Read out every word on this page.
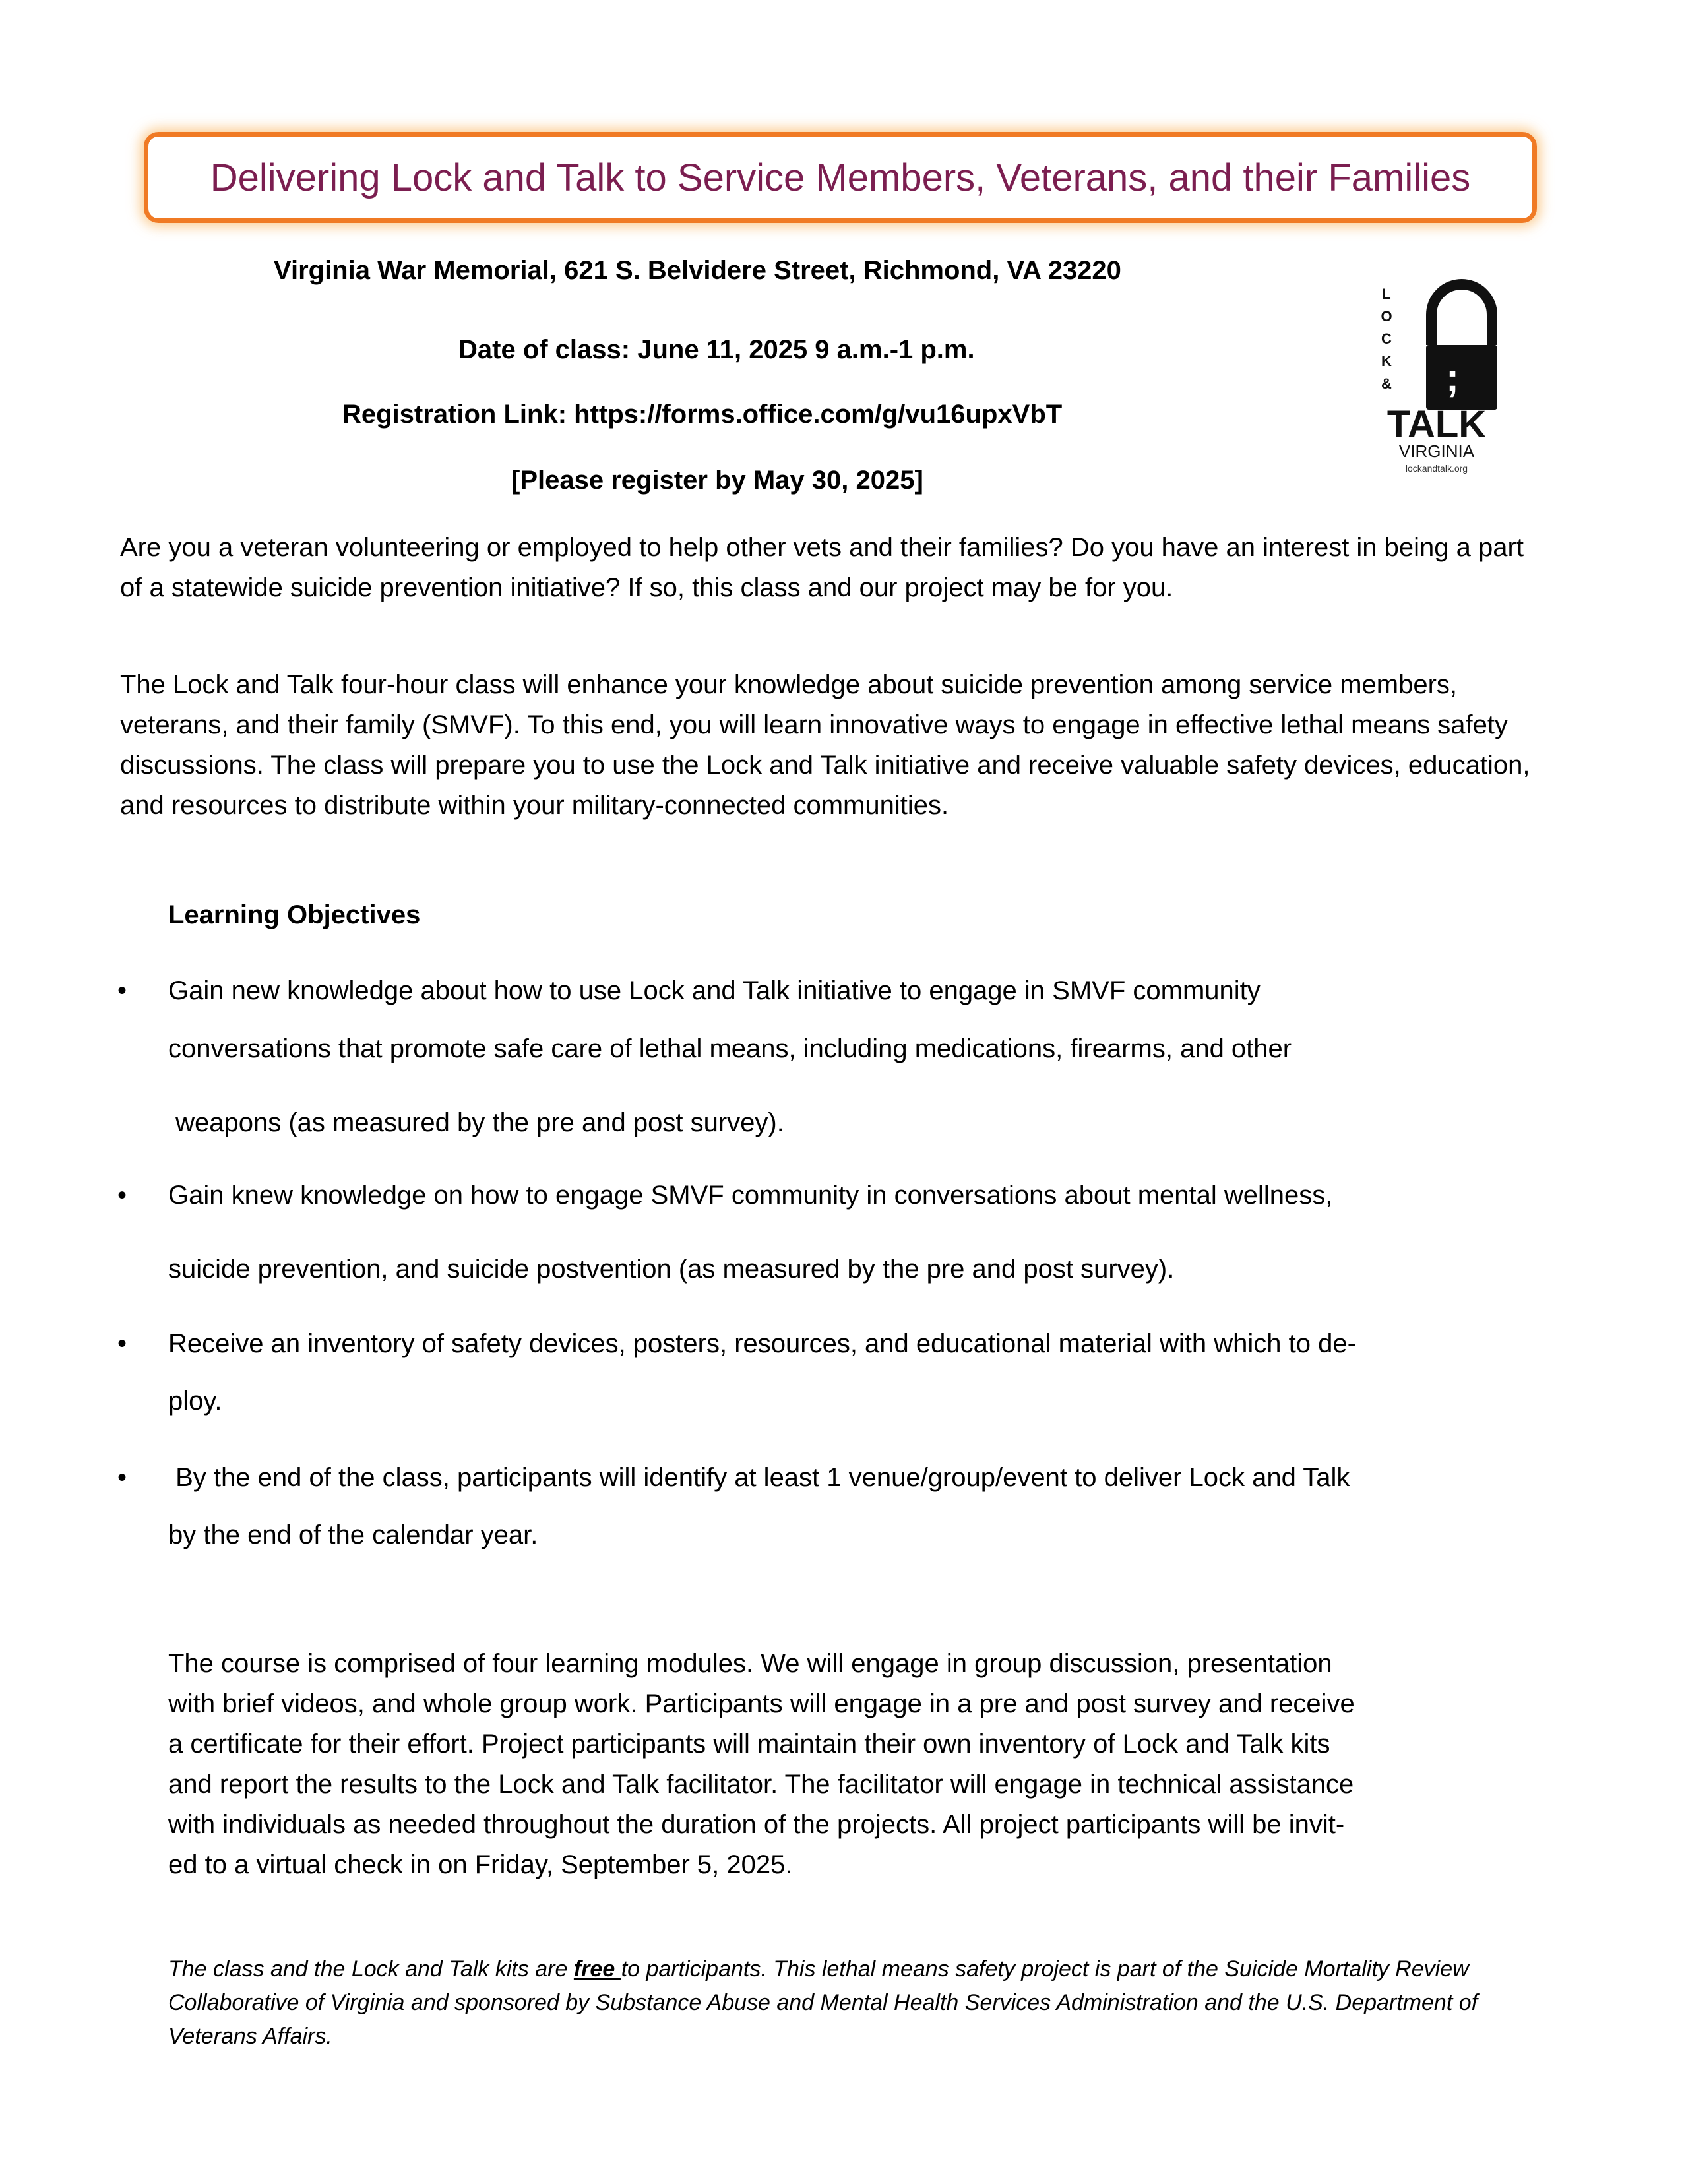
Delivering Lock and Talk to Service Members, Veterans, and their Families
Virginia War Memorial, 621 S. Belvidere Street, Richmond, VA 23220
Date of class: June 11, 2025 9 a.m.-1 p.m.
Registration Link: https://forms.office.com/g/vu16upxVbT
[Please register by May 30, 2025]
L
O
C
K
& ;
TALK
VIRGINIA
lockandtalk.org
Are you a veteran volunteering or employed to help other vets and their families? Do you have an interest in being a part of a statewide suicide prevention initiative? If so, this class and our project may be for you.
The Lock and Talk four-hour class will enhance your knowledge about suicide prevention among service members, veterans, and their family (SMVF). To this end, you will learn innovative ways to engage in effective lethal means safety discussions. The class will prepare you to use the Lock and Talk initiative and receive valuable safety devices, education, and resources to distribute within your military-connected communities.
Learning Objectives
• Gain new knowledge about how to use Lock and Talk initiative to engage in SMVF community
conversations that promote safe care of lethal means, including medications, firearms, and other
weapons (as measured by the pre and post survey).
• Gain knew knowledge on how to engage SMVF community in conversations about mental wellness,
suicide prevention, and suicide postvention (as measured by the pre and post survey).
• Receive an inventory of safety devices, posters, resources, and educational material with which to de-
ploy.
• By the end of the class, participants will identify at least 1 venue/group/event to deliver Lock and Talk
by the end of the calendar year.
The course is comprised of four learning modules. We will engage in group discussion, presentation
with brief videos, and whole group work. Participants will engage in a pre and post survey and receive
a certificate for their effort. Project participants will maintain their own inventory of Lock and Talk kits
and report the results to the Lock and Talk facilitator. The facilitator will engage in technical assistance
with individuals as needed throughout the duration of the projects. All project participants will be invit-
ed to a virtual check in on Friday, September 5, 2025.
The class and the Lock and Talk kits are free to participants. This lethal means safety project is part of the Suicide Mortality Review Collaborative of Virginia and sponsored by Substance Abuse and Mental Health Services Administration and the U.S. Department of Veterans Affairs.
